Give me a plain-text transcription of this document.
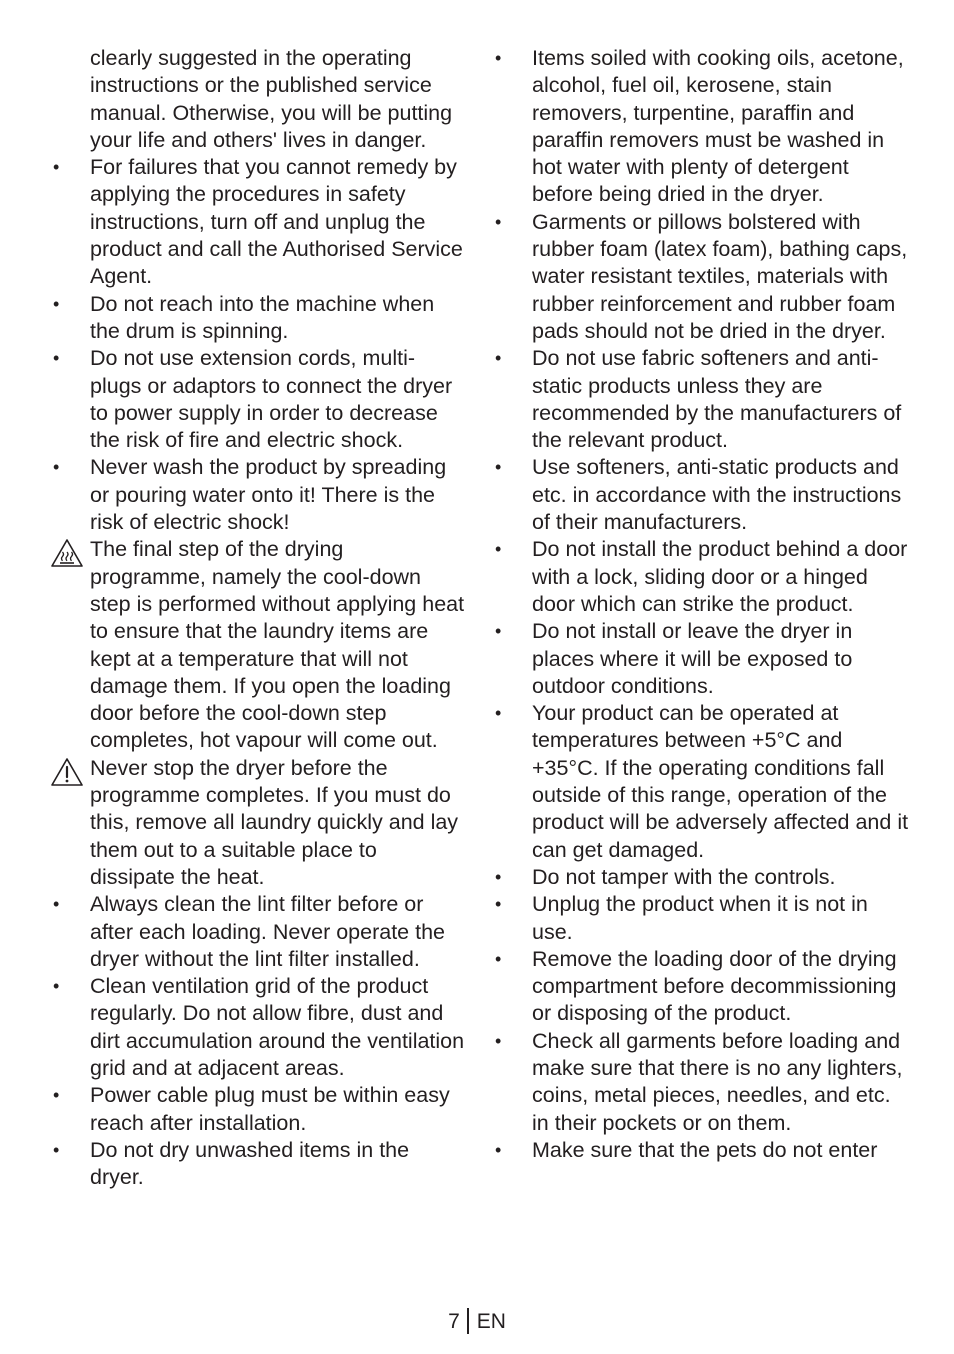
clearly suggested in the operating instructions or the published service manual. Otherwise, you will be putting your life and others' lives in danger.
• For failures that you cannot remedy by applying the procedures in safety instructions, turn off and unplug the product and call the Authorised Service Agent.
• Do not reach into the machine when the drum is spinning.
• Do not use extension cords, multi-plugs or adaptors to connect the dryer to power supply in order to decrease the risk of fire and electric shock.
• Never wash the product by spreading or pouring water onto it! There is the risk of electric shock!
The final step of the drying programme, namely the cool-down step is performed without applying heat to ensure that the laundry items are kept at a temperature that will not damage them. If you open the loading door before the cool-down step completes, hot vapour will come out.
Never stop the dryer before the programme completes. If you must do this, remove all laundry quickly and lay them out to a suitable place to dissipate the heat.
• Always clean the lint filter before or after each loading. Never operate the dryer without the lint filter installed.
• Clean ventilation grid of the product regularly. Do not allow fibre, dust and dirt accumulation around the ventilation grid and at adjacent areas.
• Power cable plug must be within easy reach after installation.
• Do not dry unwashed items in the dryer.
• Items soiled with cooking oils, acetone, alcohol, fuel oil, kerosene, stain removers, turpentine, paraffin and paraffin removers must be washed in hot water with plenty of detergent before being dried in the dryer.
• Garments or pillows bolstered with rubber foam (latex foam), bathing caps, water resistant textiles, materials with rubber reinforcement and rubber foam pads should not be dried in the dryer.
• Do not use fabric softeners and anti-static products unless they are recommended by the manufacturers of the relevant product.
• Use softeners, anti-static products and etc. in accordance with the instructions of their manufacturers.
• Do not install the product behind a door with a lock, sliding door or a hinged door which can strike the product.
• Do not install or leave the dryer in places where it will be exposed to outdoor conditions.
• Your product can be operated at temperatures between +5°C and +35°C. If the operating conditions fall outside of this range, operation of the product will be adversely affected and it can get damaged.
• Do not tamper with the controls.
• Unplug the product when it is not in use.
• Remove the loading door of the drying compartment before decommissioning or disposing of the product.
• Check all garments before loading and make sure that there is no any lighters, coins, metal pieces, needles, and etc. in their pockets or on them.
• Make sure that the pets do not enter
7 EN
